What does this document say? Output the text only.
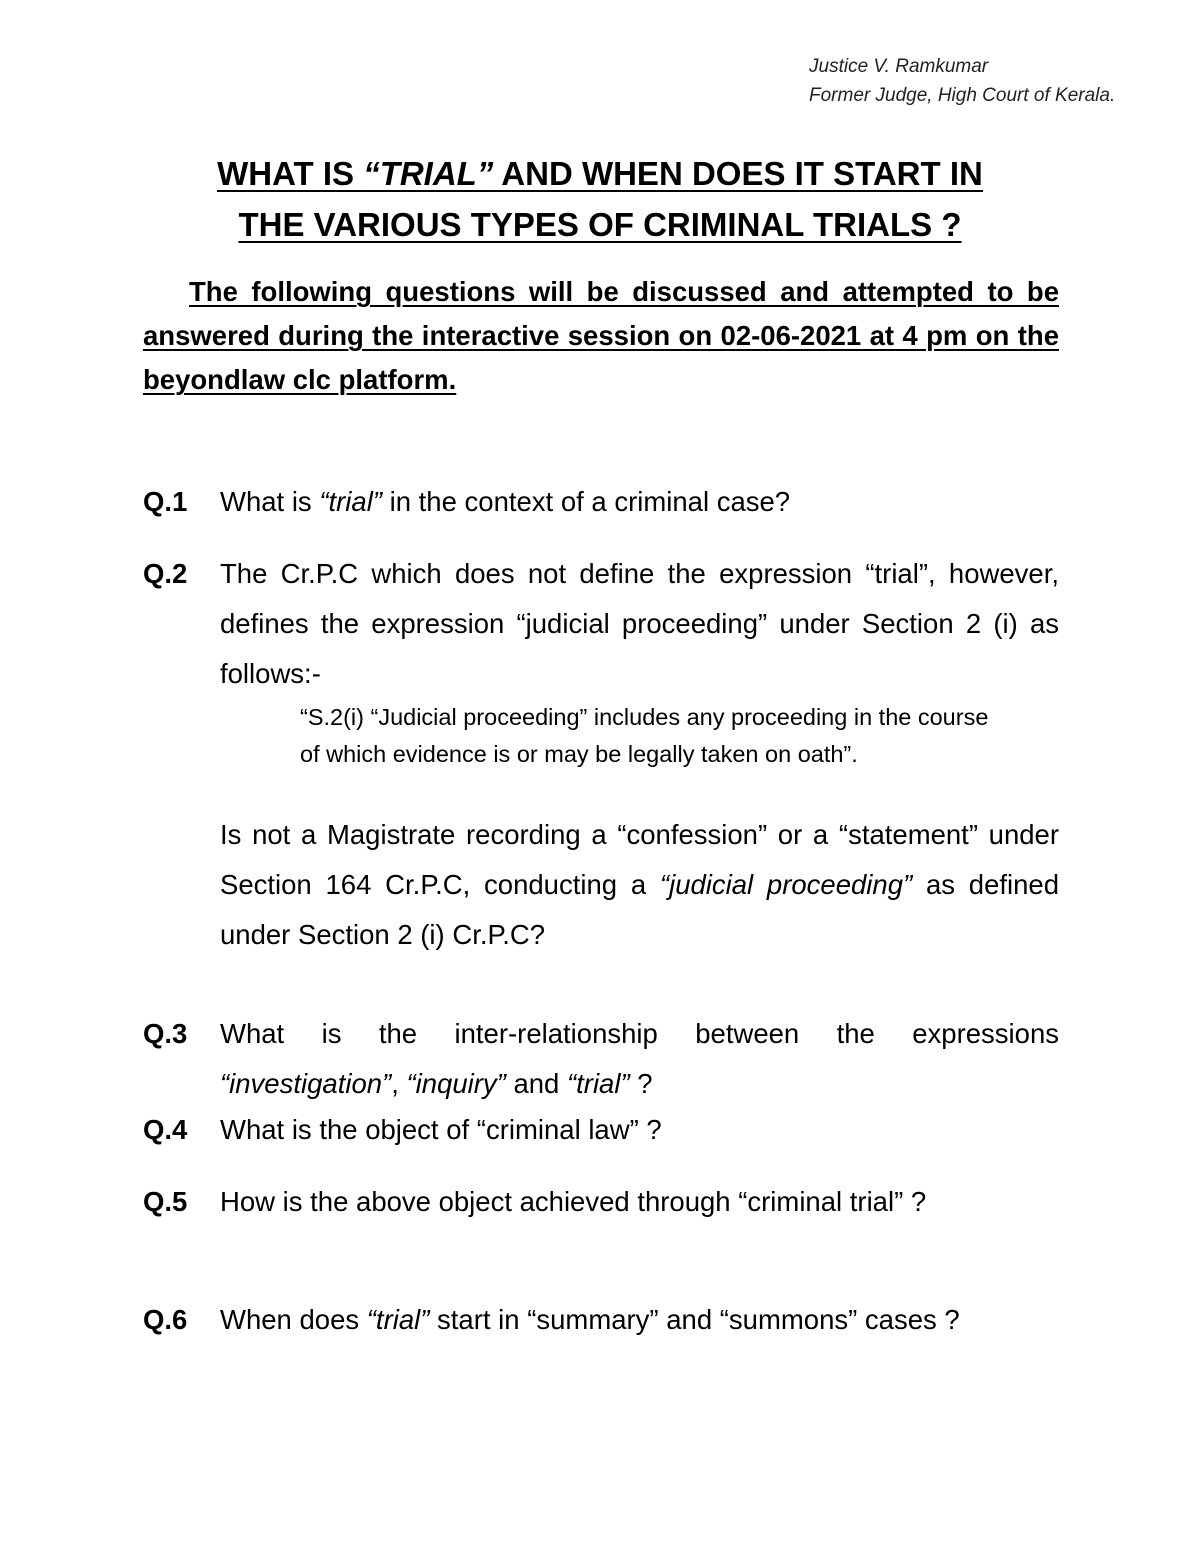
Justice V. Ramkumar
Former Judge, High Court of Kerala.
WHAT IS “TRIAL” AND WHEN DOES IT START IN
THE VARIOUS TYPES OF CRIMINAL TRIALS ?
The following questions will be discussed and attempted to be answered during the interactive session on 02-06-2021 at 4 pm on the beyondlaw clc platform.
Q.1 What is “trial” in the context of a criminal case?
Q.2 The Cr.P.C which does not define the expression “trial”, however, defines the expression “judicial proceeding” under Section 2 (i) as follows:-
“S.2(i) “Judicial proceeding” includes any proceeding in the course of which evidence is or may be legally taken on oath”.
Is not a Magistrate recording a “confession” or a “statement” under Section 164 Cr.P.C, conducting a “judicial proceeding” as defined under Section 2 (i) Cr.P.C?
Q.3 What is the inter-relationship between the expressions “investigation”, “inquiry” and “trial” ?
Q.4 What is the object of “criminal law” ?
Q.5 How is the above object achieved through “criminal trial” ?
Q.6 When does “trial” start in “summary” and “summons” cases ?
